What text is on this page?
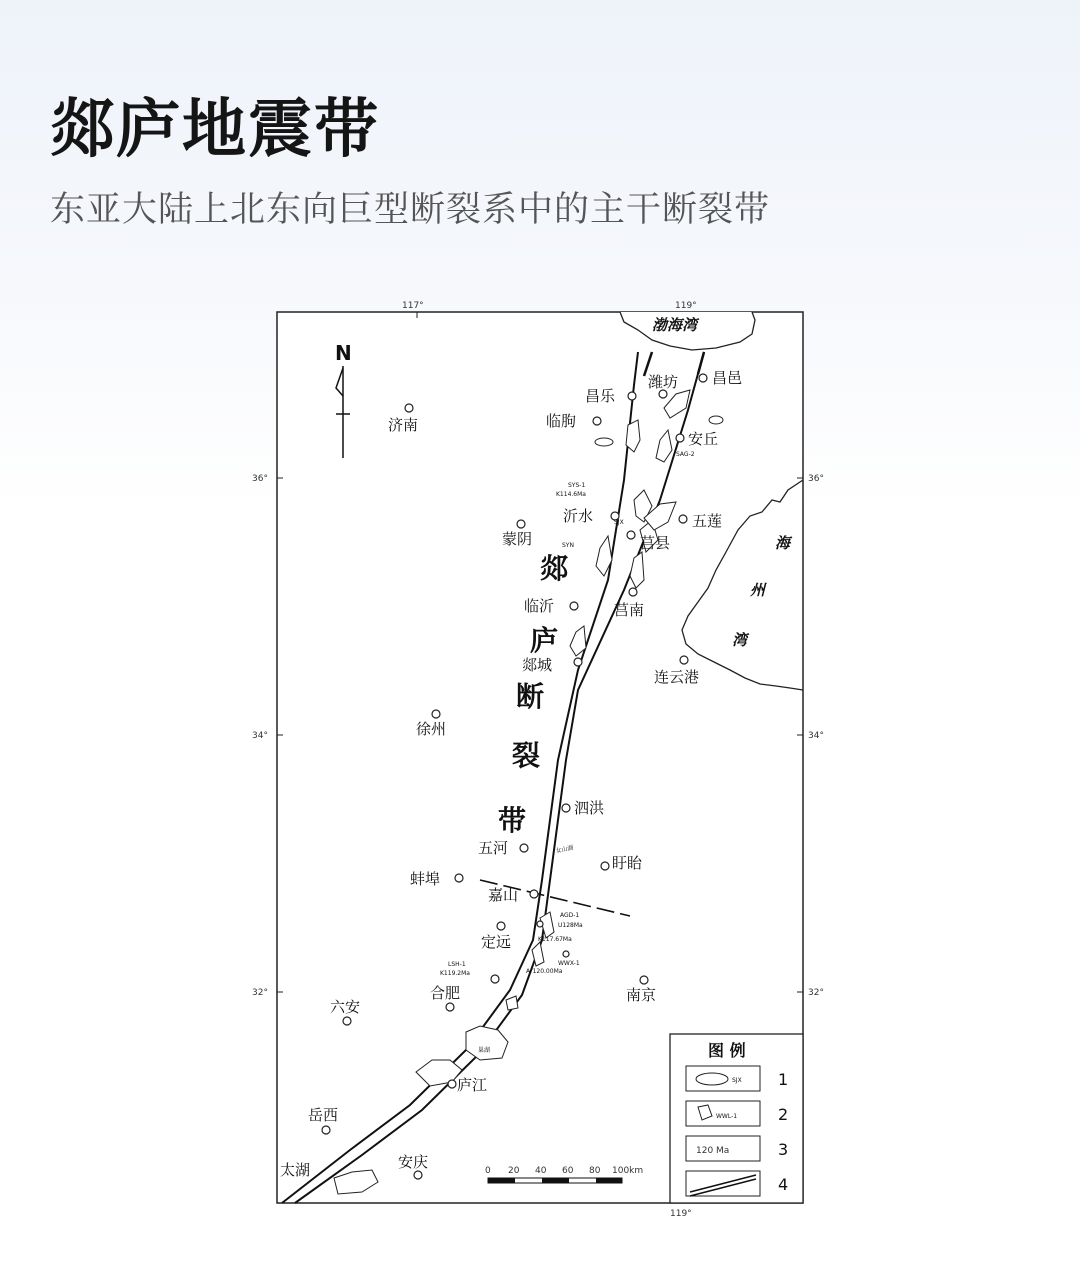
郯庐地震带

东亚大陆上北东向巨型断裂系中的主干断裂带

117°	119°
119°
36°	36°
34°	34°
32°	32°
渤海湾
海
州
湾
N
郯
庐
断
裂
带
昌邑
昌乐
潍坊
济南	临朐
安丘
沂水	五莲
蒙阴	莒县
临沂	莒南
郯城
连云港
徐州
泗洪
五河
盱眙
蚌埠
嘉山
定远
六安
合肥	南京
庐江
岳西
太湖	安庆
SAG-2
SYS-1
K114.6Ma
SYN
SJX
女山湖
AGD-1
U128Ma
K117.67Ma
WWX-1
Ar120.00Ma
LSH-1
K119.2Ma
巢湖
0 20 40 60 80 100km
图 例
SJX 1
WWL-1	2
120 Ma	3
4
